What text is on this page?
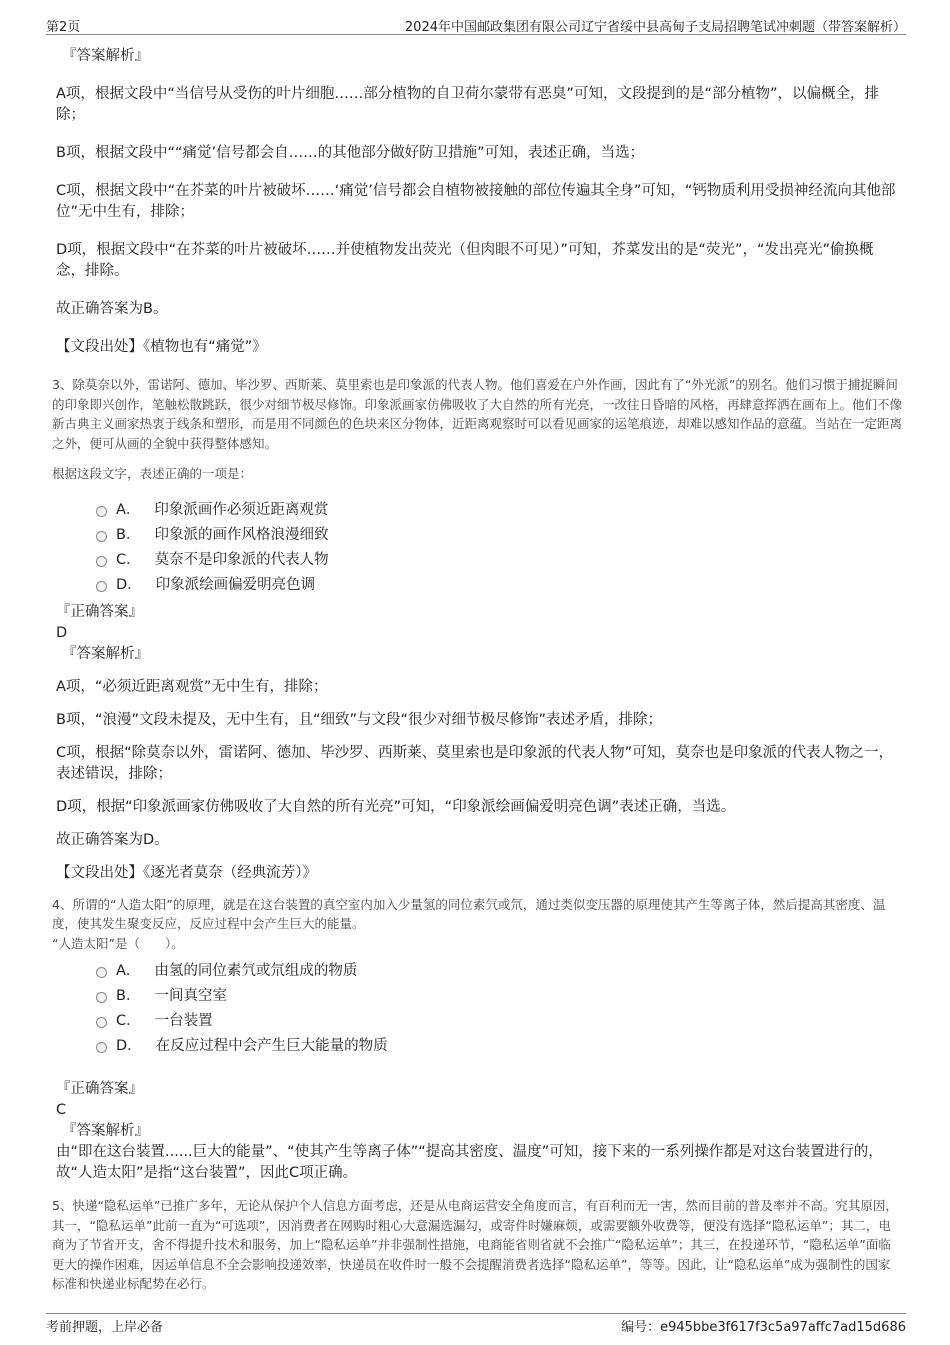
第2页	2024年中国邮政集团有限公司辽宁省绥中县高甸子支局招聘笔试冲刺题（带答案解析）

『答案解析』

A项，根据文段中“当信号从受伤的叶片细胞……部分植物的自卫荷尔蒙带有恶臭”可知，文段提到的是“部分植物”，以偏概全，排除；

B项，根据文段中““痛觉’信号都会自……的其他部分做好防卫措施”可知，表述正确，当选；

C项，根据文段中“在芥菜的叶片被破坏……‘痛觉’信号都会自植物被接触的部位传遍其全身”可知，“钙物质利用受损神经流向其他部位”无中生有，排除；

D项，根据文段中“在芥菜的叶片被破坏……并使植物发出荧光（但肉眼不可见）”可知，芥菜发出的是“荧光”，“发出亮光”偷换概念，排除。

故正确答案为B。

【文段出处】《植物也有“痛觉”》

3、除莫奈以外，雷诺阿、德加、毕沙罗、西斯莱、莫里索也是印象派的代表人物。他们喜爱在户外作画，因此有了“外光派”的别名。他们习惯于捕捉瞬间的印象即兴创作，笔触松散跳跃，很少对细节极尽修饰。印象派画家仿佛吸收了大自然的所有光亮，一改往日昏暗的风格，再肆意挥洒在画布上。他们不像新古典主义画家热衷于线条和塑形，而是用不同颜色的色块来区分物体，近距离观察时可以看见画家的运笔痕迹，却难以感知作品的意蕴。当站在一定距离之外，便可从画的全貌中获得整体感知。

根据这段文字，表述正确的一项是：

A． 印象派画作必须近距离观赏
B． 印象派的画作风格浪漫细致
C． 莫奈不是印象派的代表人物
D． 印象派绘画偏爱明亮色调

『正确答案』

D

『答案解析』

A项，“必须近距离观赏”无中生有，排除；

B项，“浪漫”文段未提及，无中生有，且“细致”与文段“很少对细节极尽修饰”表述矛盾，排除；

C项，根据“除莫奈以外，雷诺阿、德加、毕沙罗、西斯莱、莫里索也是印象派的代表人物”可知，莫奈也是印象派的代表人物之一，表述错误，排除；

D项，根据“印象派画家仿佛吸收了大自然的所有光亮”可知，“印象派绘画偏爱明亮色调”表述正确，当选。

故正确答案为D。

【文段出处】《逐光者莫奈（经典流芳）》

4、所谓的“人造太阳”的原理，就是在这台装置的真空室内加入少量氢的同位素氕或氘，通过类似变压器的原理使其产生等离子体，然后提高其密度、温度，使其发生聚变反应，反应过程中会产生巨大的能量。

“人造太阳”是（　　）。

A． 由氢的同位素氕或氘组成的物质
B． 一间真空室
C． 一台装置
D． 在反应过程中会产生巨大能量的物质

『正确答案』

C

『答案解析』

由“即在这台装置......巨大的能量”、“使其产生等离子体”“提高其密度、温度”可知，接下来的一系列操作都是对这台装置进行的，故“人造太阳”是指“这台装置”，因此C项正确。

5、快递“隐私运单”已推广多年，无论从保护个人信息方面考虑，还是从电商运营安全角度而言，有百利而无一害，然而目前的普及率并不高。究其原因，其一，“隐私运单”此前一直为“可选项”，因消费者在网购时粗心大意漏选漏勾，或寄件时嫌麻烦，或需要额外收费等，便没有选择“隐私运单”；其二，电商为了节省开支，舍不得提升技术和服务，加上“隐私运单”并非强制性措施，电商能省则省就不会推广“隐私运单”；其三，在投递环节，“隐私运单”面临更大的操作困难，因运单信息不全会影响投递效率，快递员在收件时一般不会提醒消费者选择“隐私运单”，等等。因此，让“隐私运单”成为强制性的国家标准和快递业标配势在必行。

考前押题，上岸必备	编号：e945bbe3f617f3c5a97affc7ad15d686
